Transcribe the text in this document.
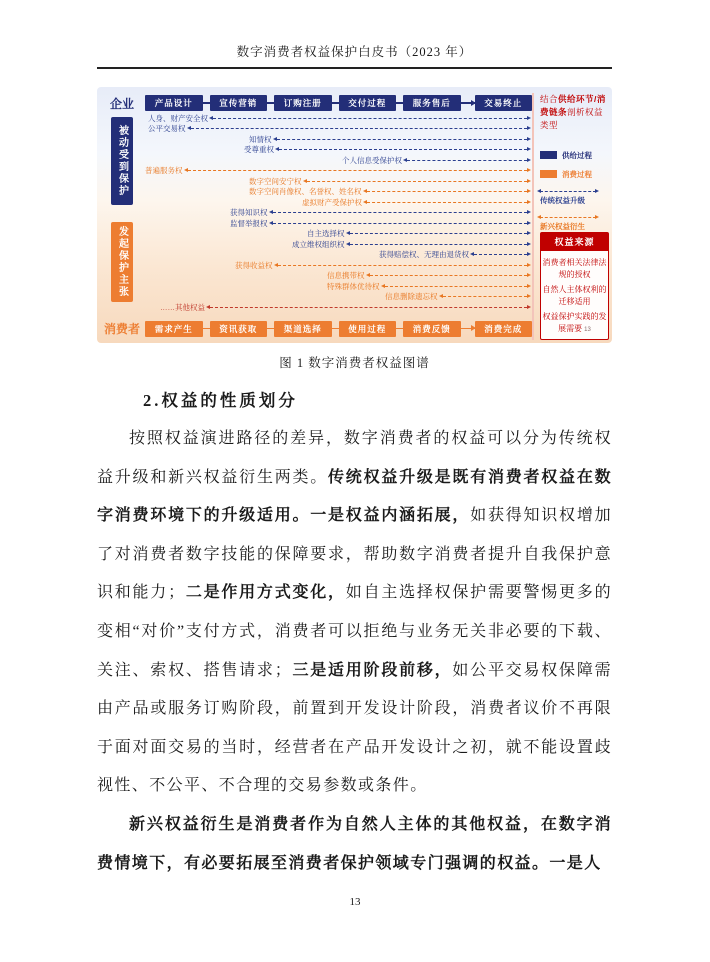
数字消费者权益保护白皮书（2023 年）
企业
被动受到保护
发起保护主张
消费者
产品设计	宣传营销	订购注册	交付过程	服务售后	交易终止
人身、财产安全权
公平交易权
知情权
受尊重权
个人信息受保护权
普遍服务权
数字空间安宁权
数字空间肖像权、名誉权、姓名权
虚拟财产受保护权
获得知识权
监督举报权
自主选择权
成立维权组织权
获得赔偿权、无理由退货权
获得收益权
信息携带权
特殊群体优待权
信息删除遗忘权
……其他权益
需求产生	资讯获取	渠道选择	使用过程	消费反馈	消费完成
结合供给环节/消费链条剖析权益类型
供给过程
消费过程
传统权益升级
新兴权益衍生
权益来源
消费者相关法律法规的授权
自然人主体权利的迁移适用
权益保护实践的发展需要 13
图 1 数字消费者权益图谱
2.权益的性质划分

按照权益演进路径的差异，数字消费者的权益可以分为传统权益升级和新兴权益衍生两类。传统权益升级是既有消费者权益在数字消费环境下的升级适用。一是权益内涵拓展，如获得知识权增加了对消费者数字技能的保障要求，帮助数字消费者提升自我保护意识和能力；二是作用方式变化，如自主选择权保护需要警惕更多的变相“对价”支付方式，消费者可以拒绝与业务无关非必要的下载、关注、索权、搭售请求；三是适用阶段前移，如公平交易权保障需由产品或服务订购阶段，前置到开发设计阶段，消费者议价不再限于面对面交易的当时，经营者在产品开发设计之初，就不能设置歧视性、不公平、不合理的交易参数或条件。

新兴权益衍生是消费者作为自然人主体的其他权益，在数字消费情境下，有必要拓展至消费者保护领域专门强调的权益。一是人

13
